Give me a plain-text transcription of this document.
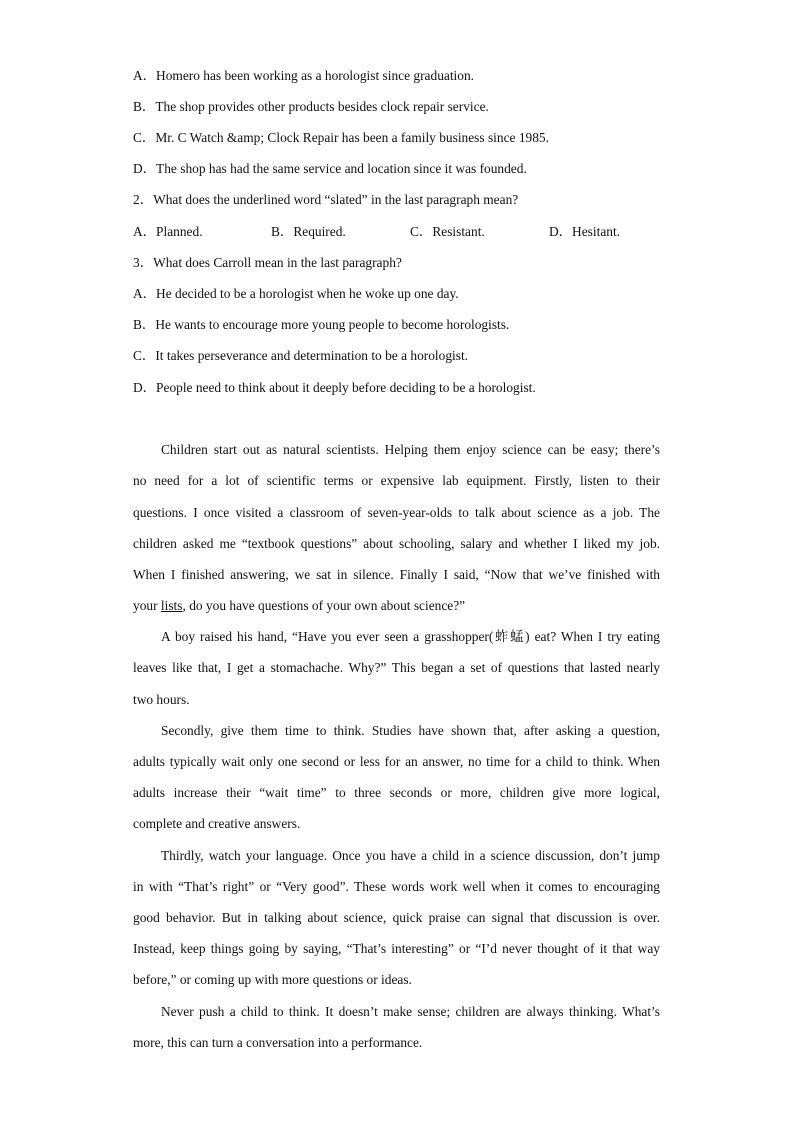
A．Homero has been working as a horologist since graduation.
B．The shop provides other products besides clock repair service.
C．Mr. C Watch &amp; Clock Repair has been a family business since 1985.
D．The shop has had the same service and location since it was founded.
2．What does the underlined word “slated” in the last paragraph mean?
A．Planned.	B．Required.	C．Resistant.	D．Hesitant.
3．What does Carroll mean in the last paragraph?
A．He decided to be a horologist when he woke up one day.
B．He wants to encourage more young people to become horologists.
C．It takes perseverance and determination to be a horologist.
D．People need to think about it deeply before deciding to be a horologist.
Children start out as natural scientists. Helping them enjoy science can be easy; there’s
no need for a lot of scientific terms or expensive lab equipment. Firstly, listen to their
questions. I once visited a classroom of seven-year-olds to talk about science as a job. The
children asked me “textbook questions” about schooling, salary and whether I liked my job.
When I finished answering, we sat in silence. Finally I said, “Now that we’ve finished with
your lists, do you have questions of your own about science?”
A boy raised his hand, “Have you ever seen a grasshopper(蚱蜢) eat? When I try eating
leaves like that, I get a stomachache. Why?” This began a set of questions that lasted nearly
two hours.
Secondly, give them time to think. Studies have shown that, after asking a question,
adults typically wait only one second or less for an answer, no time for a child to think. When
adults increase their “wait time” to three seconds or more, children give more logical,
complete and creative answers.
Thirdly, watch your language. Once you have a child in a science discussion, don’t jump
in with “That’s right” or “Very good”. These words work well when it comes to encouraging
good behavior. But in talking about science, quick praise can signal that discussion is over.
Instead, keep things going by saying, “That’s interesting” or “I’d never thought of it that way
before,” or coming up with more questions or ideas.
Never push a child to think. It doesn’t make sense; children are always thinking. What’s
more, this can turn a conversation into a performance.
